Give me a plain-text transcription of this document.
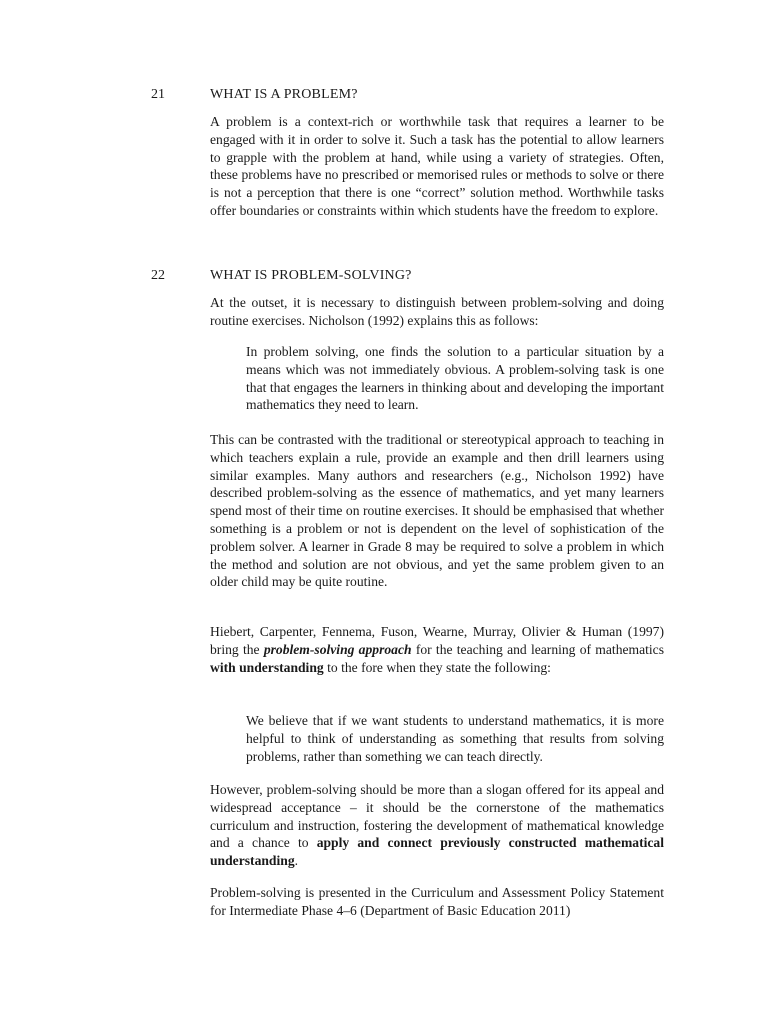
21	WHAT IS A PROBLEM?
A problem is a context-rich or worthwhile task that requires a learner to be engaged with it in order to solve it. Such a task has the potential to allow learners to grapple with the problem at hand, while using a variety of strategies. Often, these problems have no prescribed or memorised rules or methods to solve or there is not a perception that there is one “correct” solution method. Worthwhile tasks offer boundaries or constraints within which students have the freedom to explore.
22	WHAT IS PROBLEM-SOLVING?
At the outset, it is necessary to distinguish between problem-solving and doing routine exercises. Nicholson (1992) explains this as follows:
In problem solving, one finds the solution to a particular situation by a means which was not immediately obvious. A problem-solving task is one that that engages the learners in thinking about and developing the important mathematics they need to learn.
This can be contrasted with the traditional or stereotypical approach to teaching in which teachers explain a rule, provide an example and then drill learners using similar examples. Many authors and researchers (e.g., Nicholson 1992) have described problem-solving as the essence of mathematics, and yet many learners spend most of their time on routine exercises. It should be emphasised that whether something is a problem or not is dependent on the level of sophistication of the problem solver. A learner in Grade 8 may be required to solve a problem in which the method and solution are not obvious, and yet the same problem given to an older child may be quite routine.
Hiebert, Carpenter, Fennema, Fuson, Wearne, Murray, Olivier & Human (1997) bring the problem-solving approach for the teaching and learning of mathematics with understanding to the fore when they state the following:
We believe that if we want students to understand mathematics, it is more helpful to think of understanding as something that results from solving problems, rather than something we can teach directly.
However, problem-solving should be more than a slogan offered for its appeal and widespread acceptance – it should be the cornerstone of the mathematics curriculum and instruction, fostering the development of mathematical knowledge and a chance to apply and connect previously constructed mathematical understanding.
Problem-solving is presented in the Curriculum and Assessment Policy Statement for Intermediate Phase 4–6 (Department of Basic Education 2011)
